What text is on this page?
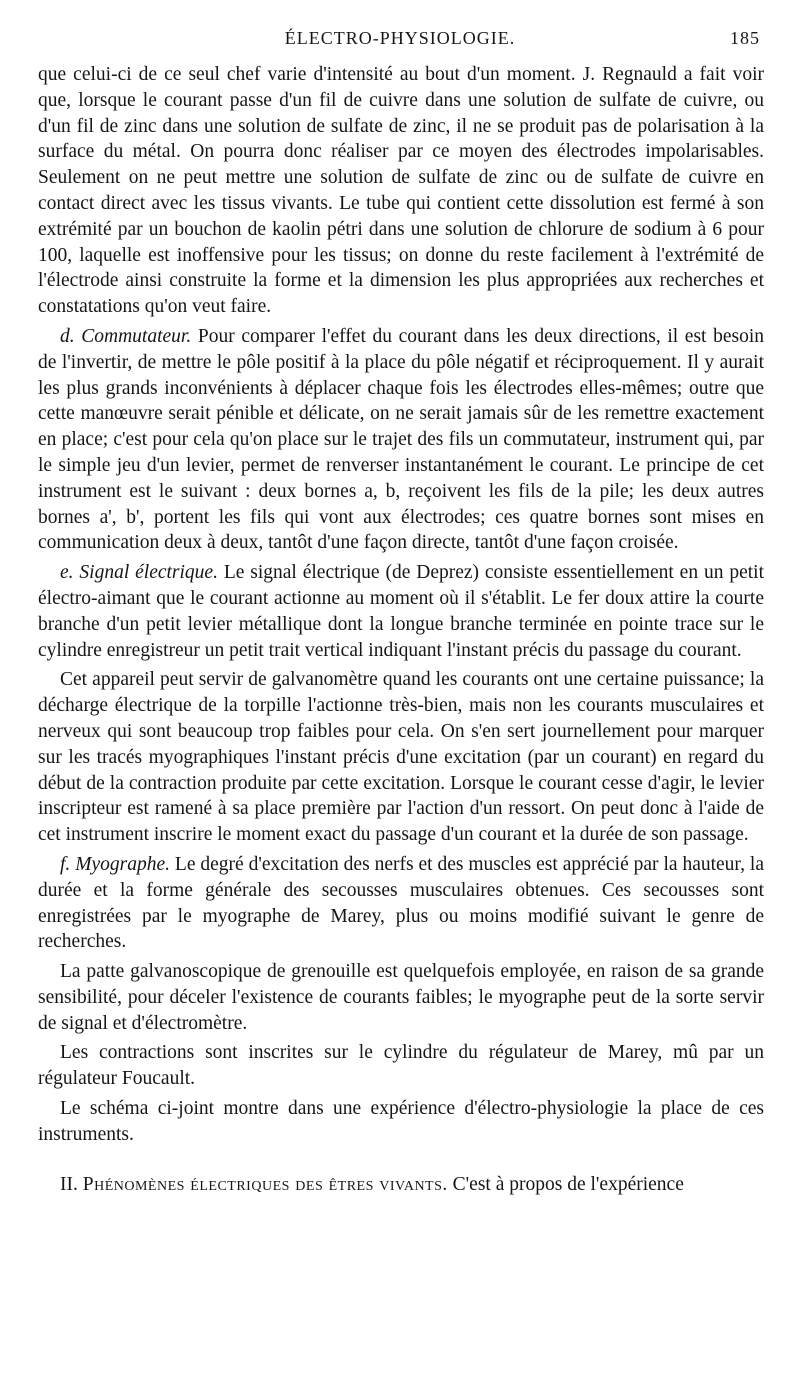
ÉLECTRO-PHYSIOLOGIE.	185

que celui-ci de ce seul chef varie d'intensité au bout d'un moment. J. Regnauld a fait voir que, lorsque le courant passe d'un fil de cuivre dans une solution de sulfate de cuivre, ou d'un fil de zinc dans une solution de sulfate de zinc, il ne se produit pas de polarisation à la surface du métal. On pourra donc réaliser par ce moyen des électrodes impolarisables. Seulement on ne peut mettre une solution de sulfate de zinc ou de sulfate de cuivre en contact direct avec les tissus vivants. Le tube qui contient cette dissolution est fermé à son extrémité par un bouchon de kaolin pétri dans une solution de chlorure de sodium à 6 pour 100, laquelle est inoffensive pour les tissus; on donne du reste facilement à l'extrémité de l'électrode ainsi construite la forme et la dimension les plus appropriées aux recherches et constatations qu'on veut faire.

d. Commutateur. Pour comparer l'effet du courant dans les deux directions, il est besoin de l'invertir, de mettre le pôle positif à la place du pôle négatif et réciproquement. Il y aurait les plus grands inconvénients à déplacer chaque fois les électrodes elles-mêmes; outre que cette manœuvre serait pénible et délicate, on ne serait jamais sûr de les remettre exactement en place; c'est pour cela qu'on place sur le trajet des fils un commutateur, instrument qui, par le simple jeu d'un levier, permet de renverser instantanément le courant. Le principe de cet instrument est le suivant : deux bornes a, b, reçoivent les fils de la pile; les deux autres bornes a', b', portent les fils qui vont aux électrodes; ces quatre bornes sont mises en communication deux à deux, tantôt d'une façon directe, tantôt d'une façon croisée.

e. Signal électrique. Le signal électrique (de Deprez) consiste essentiellement en un petit électro-aimant que le courant actionne au moment où il s'établit. Le fer doux attire la courte branche d'un petit levier métallique dont la longue branche terminée en pointe trace sur le cylindre enregistreur un petit trait vertical indiquant l'instant précis du passage du courant.

Cet appareil peut servir de galvanomètre quand les courants ont une certaine puissance; la décharge électrique de la torpille l'actionne très-bien, mais non les courants musculaires et nerveux qui sont beaucoup trop faibles pour cela. On s'en sert journellement pour marquer sur les tracés myographiques l'instant précis d'une excitation (par un courant) en regard du début de la contraction produite par cette excitation. Lorsque le courant cesse d'agir, le levier inscripteur est ramené à sa place première par l'action d'un ressort. On peut donc à l'aide de cet instrument inscrire le moment exact du passage d'un courant et la durée de son passage.

f. Myographe. Le degré d'excitation des nerfs et des muscles est apprécié par la hauteur, la durée et la forme générale des secousses musculaires obtenues. Ces secousses sont enregistrées par le myographe de Marey, plus ou moins modifié suivant le genre de recherches.

La patte galvanoscopique de grenouille est quelquefois employée, en raison de sa grande sensibilité, pour déceler l'existence de courants faibles; le myographe peut de la sorte servir de signal et d'électromètre.

Les contractions sont inscrites sur le cylindre du régulateur de Marey, mû par un régulateur Foucault.

Le schéma ci-joint montre dans une expérience d'électro-physiologie la place de ces instruments.

II. Phénomènes électriques des êtres vivants. C'est à propos de l'expérience
